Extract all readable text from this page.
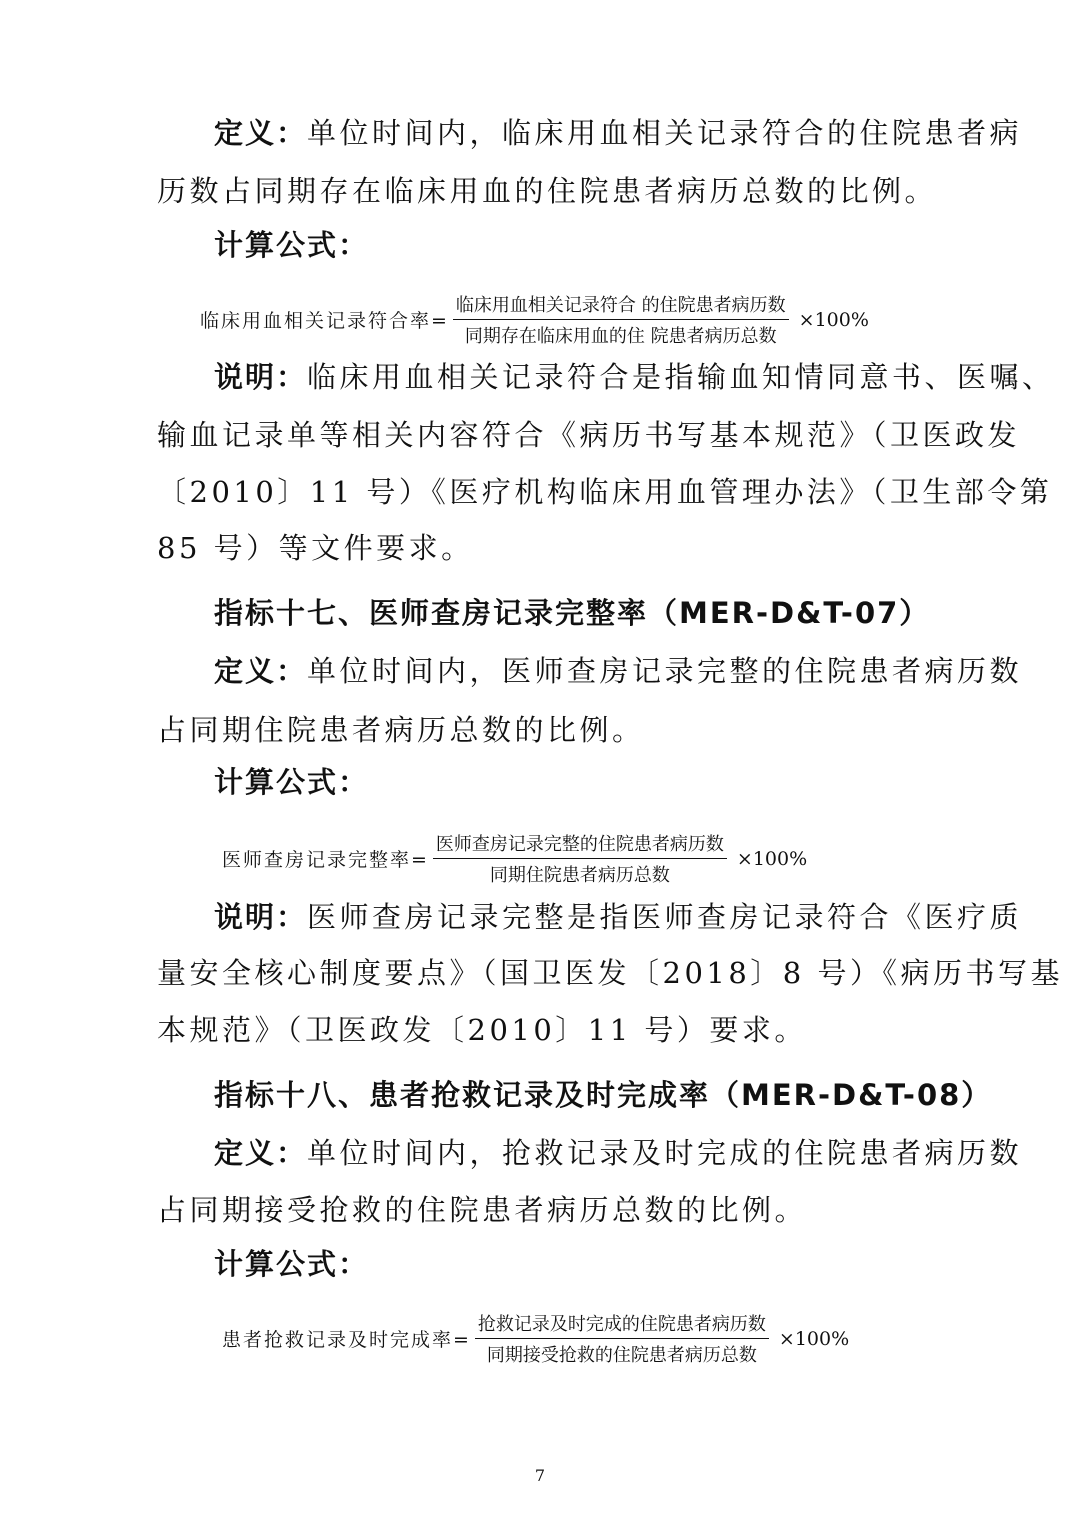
定义：单位时间内，临床用血相关记录符合的住院患者病
历数占同期存在临床用血的住院患者病历总数的比例。
计算公式：
临床用血相关记录符合率= $\frac{\text{临床用血相关记录符合 的住院患者病历数}}{\text{同期存在临床用血的住 院患者病历总数}} \times 100\%$
说明：临床用血相关记录符合是指输血知情同意书、医嘱、
输血记录单等相关内容符合《病历书写基本规范》（卫医政发
〔2010〕11 号）《医疗机构临床用血管理办法》（卫生部令第
85 号）等文件要求。
指标十七、医师查房记录完整率（MER-D&T-07）
定义：单位时间内，医师查房记录完整的住院患者病历数
占同期住院患者病历总数的比例。
计算公式：
医师查房记录完整率= $\frac{\text{医师查房记录完整的住院患者病历数}}{\text{同期住院患者病历总数}} \times 100\%$
说明：医师查房记录完整是指医师查房记录符合《医疗质
量安全核心制度要点》（国卫医发〔2018〕8 号）《病历书写基
本规范》（卫医政发〔2010〕11 号）要求。
指标十八、患者抢救记录及时完成率（MER-D&T-08）
定义：单位时间内，抢救记录及时完成的住院患者病历数
占同期接受抢救的住院患者病历总数的比例。
计算公式：
患者抢救记录及时完成率= $\frac{\text{抢救记录及时完成的住院患者病历数}}{\text{同期接受抢救的住院患者病历总数}} \times 100\%$
7
